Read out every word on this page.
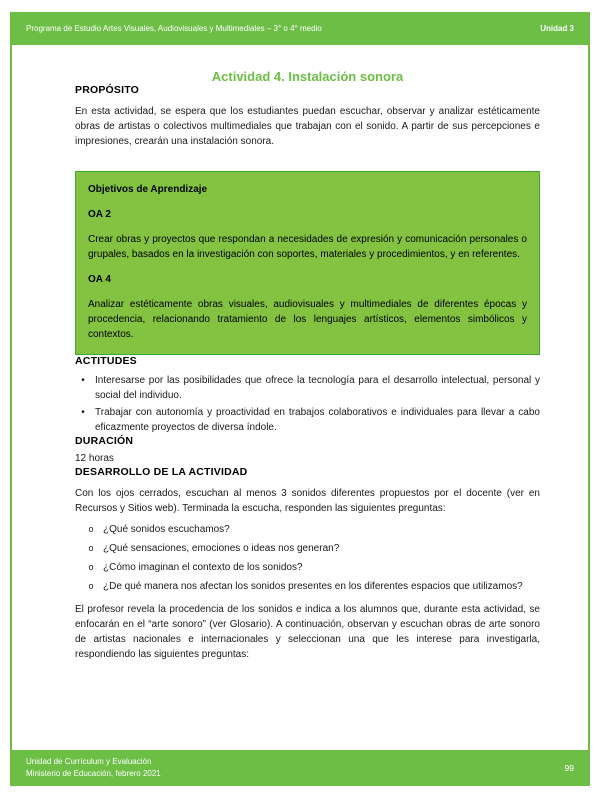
Programa de Estudio Artes Visuales, Audiovisuales y Multimediales – 3° o 4° medio	Unidad 3
Actividad 4. Instalación sonora
PROPÓSITO

En esta actividad, se espera que los estudiantes puedan escuchar, observar y analizar estéticamente obras de artistas o colectivos multimediales que trabajan con el sonido. A partir de sus percepciones e impresiones, crearán una instalación sonora.

Objetivos de Aprendizaje

OA 2

Crear obras y proyectos que respondan a necesidades de expresión y comunicación personales o grupales, basados en la investigación con soportes, materiales y procedimientos, y en referentes.

OA 4

Analizar estéticamente obras visuales, audiovisuales y multimediales de diferentes épocas y procedencia, relacionando tratamiento de los lenguajes artísticos, elementos simbólicos y contextos.

ACTITUDES
• Interesarse por las posibilidades que ofrece la tecnología para el desarrollo intelectual, personal y social del individuo.
• Trabajar con autonomía y proactividad en trabajos colaborativos e individuales para llevar a cabo eficazmente proyectos de diversa índole.
DURACIÓN

12 horas

DESARROLLO DE LA ACTIVIDAD

Con los ojos cerrados, escuchan al menos 3 sonidos diferentes propuestos por el docente (ver en Recursos y Sitios web). Terminada la escucha, responden las siguientes preguntas:

o ¿Qué sonidos escuchamos?
o ¿Qué sensaciones, emociones o ideas nos generan?
o ¿Cómo imaginan el contexto de los sonidos?
o ¿De qué manera nos afectan los sonidos presentes en los diferentes espacios que utilizamos?

El profesor revela la procedencia de los sonidos e indica a los alumnos que, durante esta actividad, se enfocarán en el “arte sonoro” (ver Glosario). A continuación, observan y escuchan obras de arte sonoro de artistas nacionales e internacionales y seleccionan una que les interese para investigarla, respondiendo las siguientes preguntas:

Unidad de Currículum y Evaluación
Ministerio de Educación, febrero 2021
99
